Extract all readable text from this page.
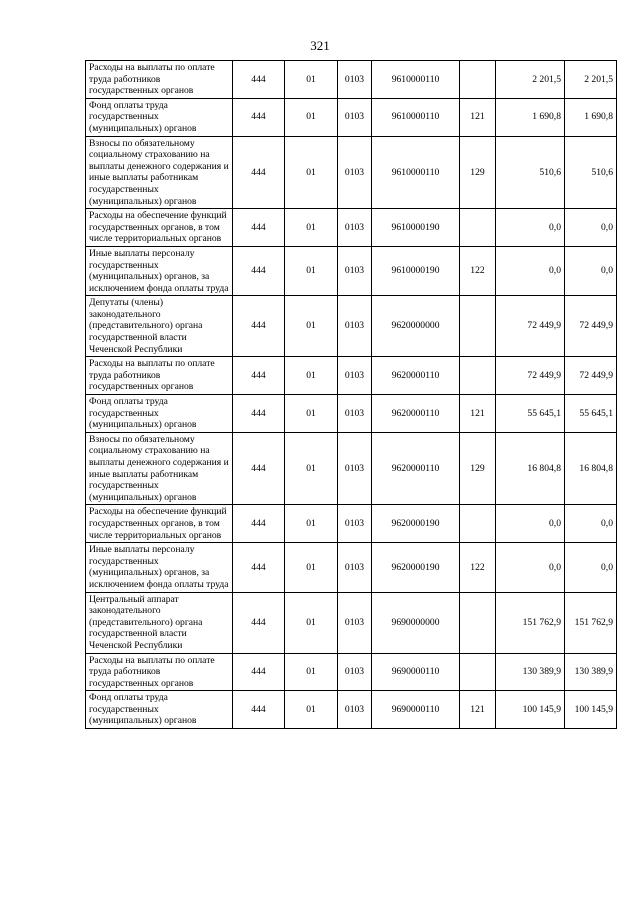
321
Расходы на выплаты по оплате труда работников государственных органов	444	01	0103	9610000110		2 201,5	2 201,5
Фонд оплаты труда государственных (муниципальных) органов	444	01	0103	9610000110	121	1 690,8	1 690,8
Взносы по обязательному социальному страхованию на выплаты денежного содержания и иные выплаты работникам государственных (муниципальных) органов	444	01	0103	9610000110	129	510,6	510,6
Расходы на обеспечение функций государственных органов, в том числе территориальных органов	444	01	0103	9610000190		0,0	0,0
Иные выплаты персоналу государственных (муниципальных) органов, за исключением фонда оплаты труда	444	01	0103	9610000190	122	0,0	0,0
Депутаты (члены) законодательного (представительного) органа государственной власти Чеченской Республики	444	01	0103	9620000000		72 449,9	72 449,9
Расходы на выплаты по оплате труда работников государственных органов	444	01	0103	9620000110		72 449,9	72 449,9
Фонд оплаты труда государственных (муниципальных) органов	444	01	0103	9620000110	121	55 645,1	55 645,1
Взносы по обязательному социальному страхованию на выплаты денежного содержания и иные выплаты работникам государственных (муниципальных) органов	444	01	0103	9620000110	129	16 804,8	16 804,8
Расходы на обеспечение функций государственных органов, в том числе территориальных органов	444	01	0103	9620000190		0,0	0,0
Иные выплаты персоналу государственных (муниципальных) органов, за исключением фонда оплаты труда	444	01	0103	9620000190	122	0,0	0,0
Центральный аппарат законодательного (представительного) органа государственной власти Чеченской Республики	444	01	0103	9690000000		151 762,9	151 762,9
Расходы на выплаты по оплате труда работников государственных органов	444	01	0103	9690000110		130 389,9	130 389,9
Фонд оплаты труда государственных (муниципальных) органов	444	01	0103	9690000110	121	100 145,9	100 145,9
